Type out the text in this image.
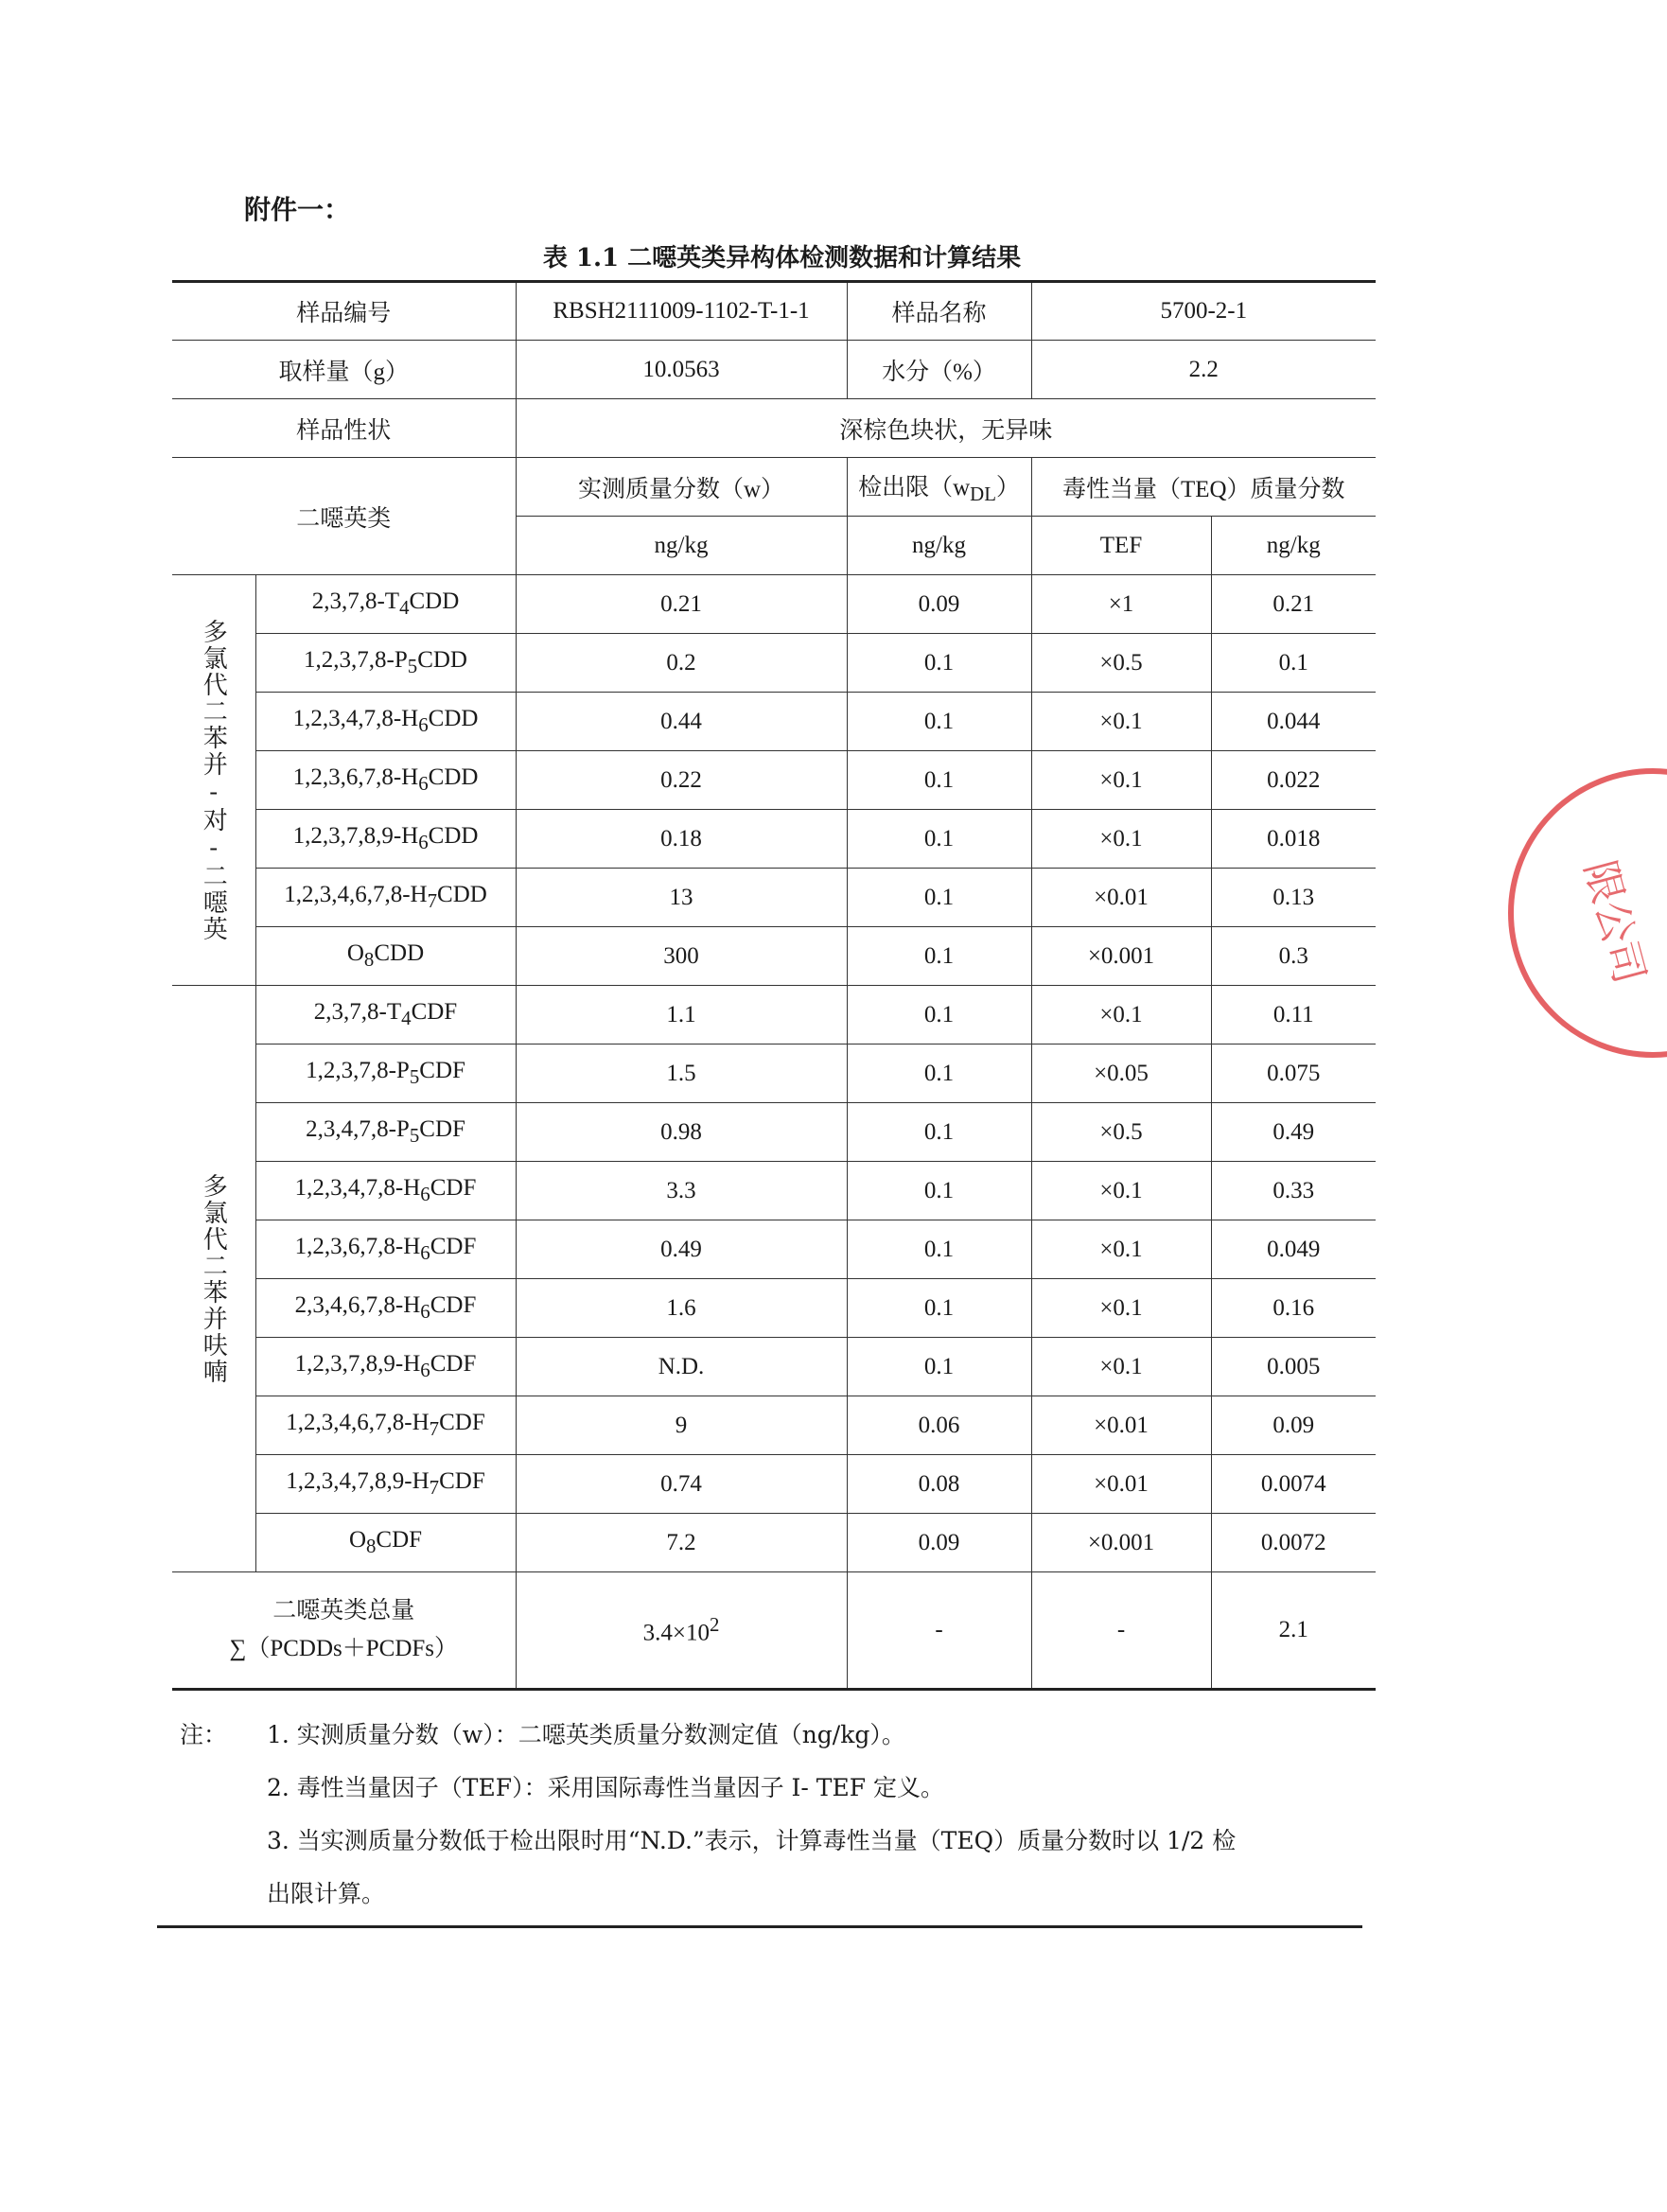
附件一：
表 1.1 二噁英类异构体检测数据和计算结果
样品编号		RBSH2111009-1102-T-1-1	样品名称	5700-2-1	
取样量（g）		10.0563	水分（%）	2.2	
样品性状		深棕色块状，无异味			
二噁英类		实测质量分数（w）	检出限$(w_{DL})$	毒性当量（TEQ）质量分数	
		ng/kg	ng/kg	TEF	ng/kg

多氯代二苯并-对-二噁英	$2,3,7,8-T_4CDD$	0.21	0.09	×1	0.21
	$1,2,3,7,8-P_5CDD$	0.2	0.1	×0.5	0.1
	$1,2,3,4,7,8-H_6CDD$	0.44	0.1	×0.1	0.044
	$1,2,3,6,7,8-H_6CDD$	0.22	0.1	×0.1	0.022
	$1,2,3,7,8,9-H_6CDD$	0.18	0.1	×0.1	0.018
	$1,2,3,4,6,7,8-H_7CDD$	13	0.1	×0.01	0.13
	$O_8CDD$	300	0.1	×0.001	0.3

多氯代二苯并呋喃	$2,3,7,8-T_4CDF$	1.1	0.1	×0.1	0.11
	$1,2,3,7,8-P_5CDF$	1.5	0.1	×0.05	0.075
	$2,3,4,7,8-P_5CDF$	0.98	0.1	×0.5	0.49
	$1,2,3,4,7,8-H_6CDF$	3.3	0.1	×0.1	0.33
	$1,2,3,6,7,8-H_6CDF$	0.49	0.1	×0.1	0.049
	$2,3,4,6,7,8-H_6CDF$	1.6	0.1	×0.1	0.16
	$1,2,3,7,8,9-H_6CDF$	N.D.	0.1	×0.1	0.005
	$1,2,3,4,6,7,8-H_7CDF$	9	0.06	×0.01	0.09
	$1,2,3,4,7,8,9-H_7CDF$	0.74	0.08	×0.01	0.0074
	$O_8CDF$	7.2	0.09	×0.001	0.0072

二噁英类总量
∑（PCDDs＋PCDFs）		$3.4\times 10^2$	-	-	2.1
注： 1. 实测质量分数（w）：二噁英类质量分数测定值（ng/kg）。
2. 毒性当量因子（TEF）：采用国际毒性当量因子 I- TEF 定义。
3. 当实测质量分数低于检出限时用“N.D.”表示，计算毒性当量（TEQ）质量分数时以 1/2 检
出限计算。
限公司
